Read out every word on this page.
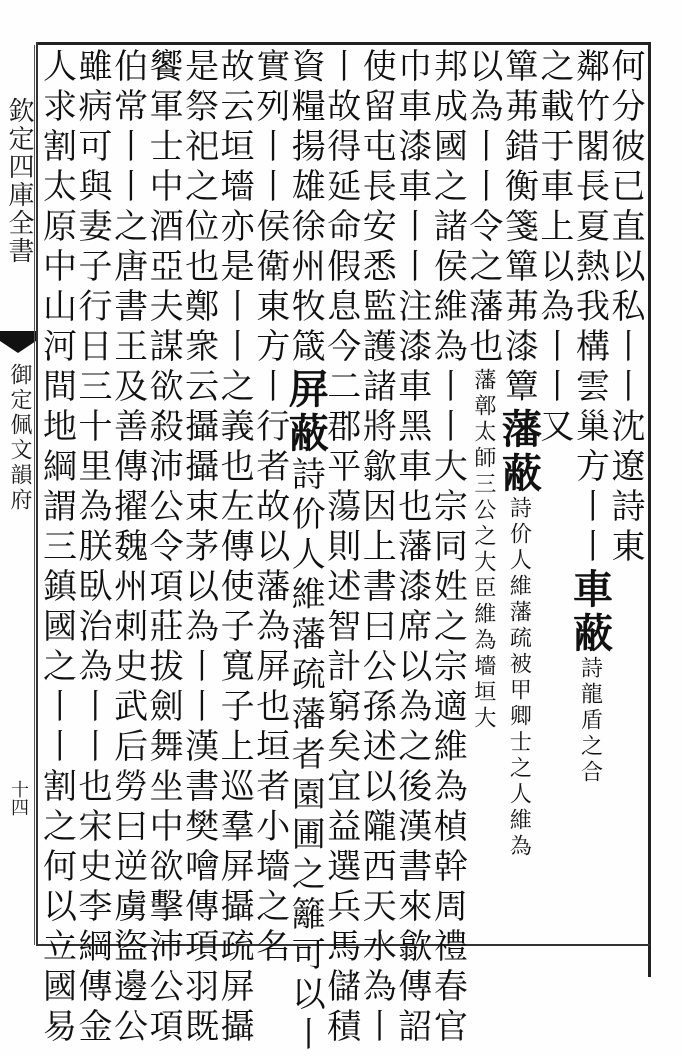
欽定四庫全書
御定佩文韻府
十四
何分彼已直以私丨丨沈遼詩東
鄰竹閣長夏熱我構雲巢方丨丨車蔽詩龍盾之合
之載于車上以為丨丨又
簞茀錯衡箋簞茀漆簟藩蔽詩价人維藩疏被甲卿士之人維為
以為丨丨令之藩也藩鄣太師三公之大臣維為墻垣大
邦成國之諸侯維為丨丨大宗同姓之宗適維為楨幹周禮春官
巾車漆車丨丨注漆車黑車也藩漆席以為之後漢書來歙傳詔
使留屯長安悉監護諸將歙因上書曰公孫述以隴西天水為丨
丨故得延命假息今二郡平蕩則述智計窮矣宜益選兵馬儲積
資糧揚雄徐州牧箴屏蔽詩价人維藩疏藩者園圃之籬可以丨
實列丨丨侯衛東方丨行者故以藩為屏也垣者小墻之名
故云垣墻亦是丨丨之義也左傳使子寬子上巡羣屏攝疏屏攝
是祭祀之位也鄭衆云攝攝束茅以為丨丨漢書樊噲傳項羽既
饗軍士中酒亞夫謀欲殺沛公令項莊拔劍舞坐中欲擊沛公項
伯常丨丨之唐書王及善傳擢魏州刺史武后勞曰逆虜盜邊公
雖病可與妻子行日三十里為朕臥治為丨丨也宋史李綱傳金
人求割太原中山河間地綱謂三鎮國之丨丨割之何以立國易
